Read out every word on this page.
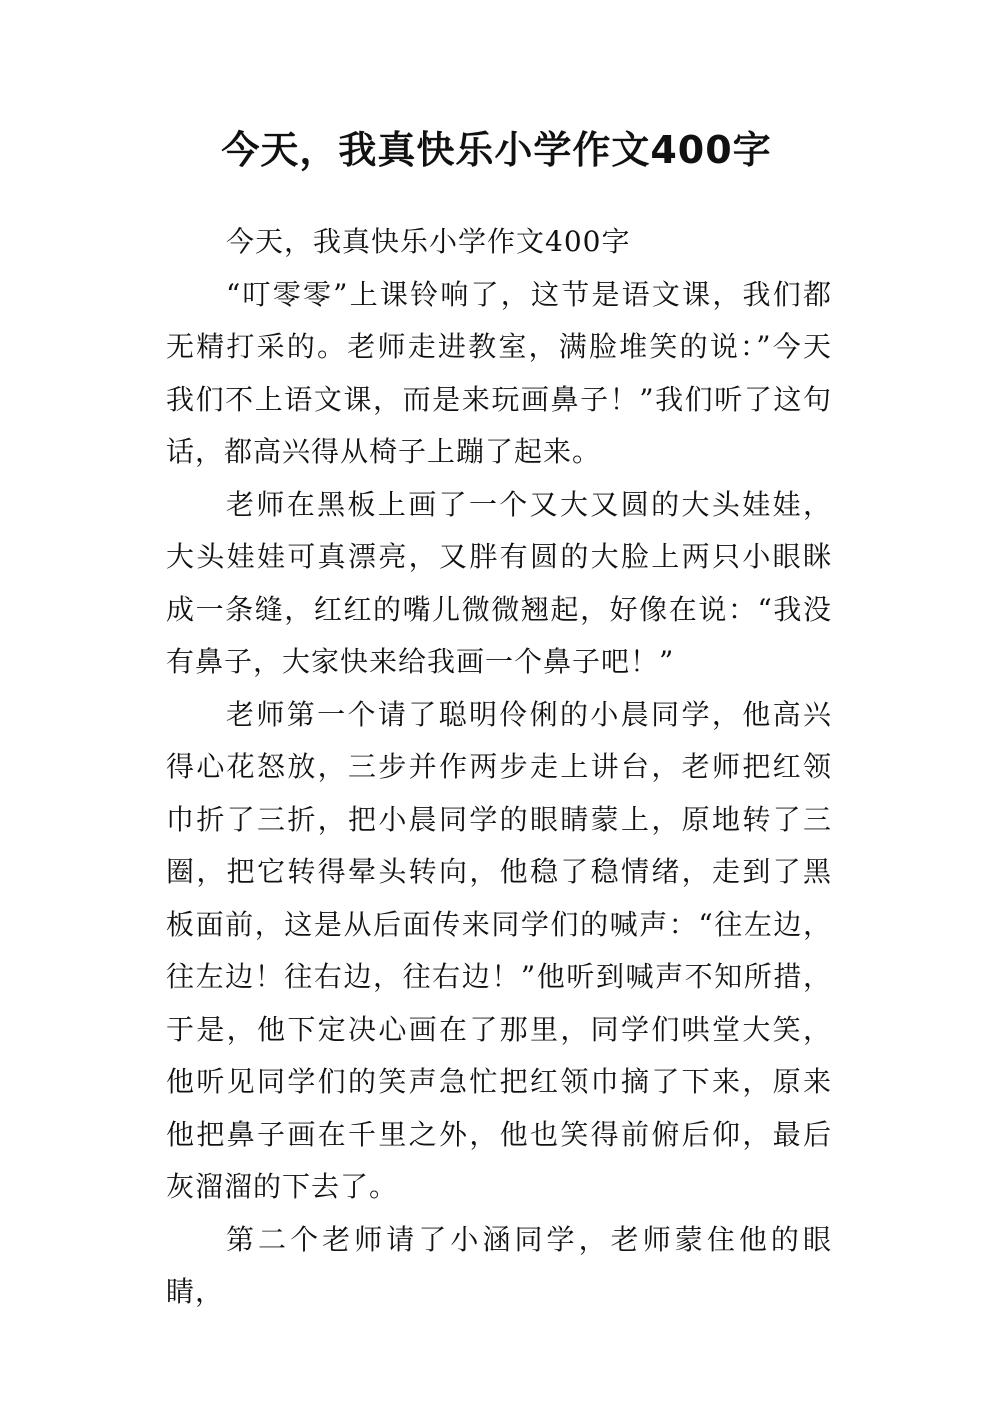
今天，我真快乐小学作文400字

今天，我真快乐小学作文400字

“叮零零”上课铃响了，这节是语文课，我们都无精打采的。老师走进教室，满脸堆笑的说：”今天我们不上语文课，而是来玩画鼻子！”我们听了这句话，都高兴得从椅子上蹦了起来。

老师在黑板上画了一个又大又圆的大头娃娃，大头娃娃可真漂亮，又胖有圆的大脸上两只小眼眯成一条缝，红红的嘴儿微微翘起，好像在说：“我没有鼻子，大家快来给我画一个鼻子吧！”

老师第一个请了聪明伶俐的小晨同学，他高兴得心花怒放，三步并作两步走上讲台，老师把红领巾折了三折，把小晨同学的眼睛蒙上，原地转了三圈，把它转得晕头转向，他稳了稳情绪，走到了黑板面前，这是从后面传来同学们的喊声：“往左边，往左边！往右边，往右边！”他听到喊声不知所措，于是，他下定决心画在了那里，同学们哄堂大笑，他听见同学们的笑声急忙把红领巾摘了下来，原来他把鼻子画在千里之外，他也笑得前俯后仰，最后灰溜溜的下去了。

第二个老师请了小涵同学，老师蒙住他的眼睛，
